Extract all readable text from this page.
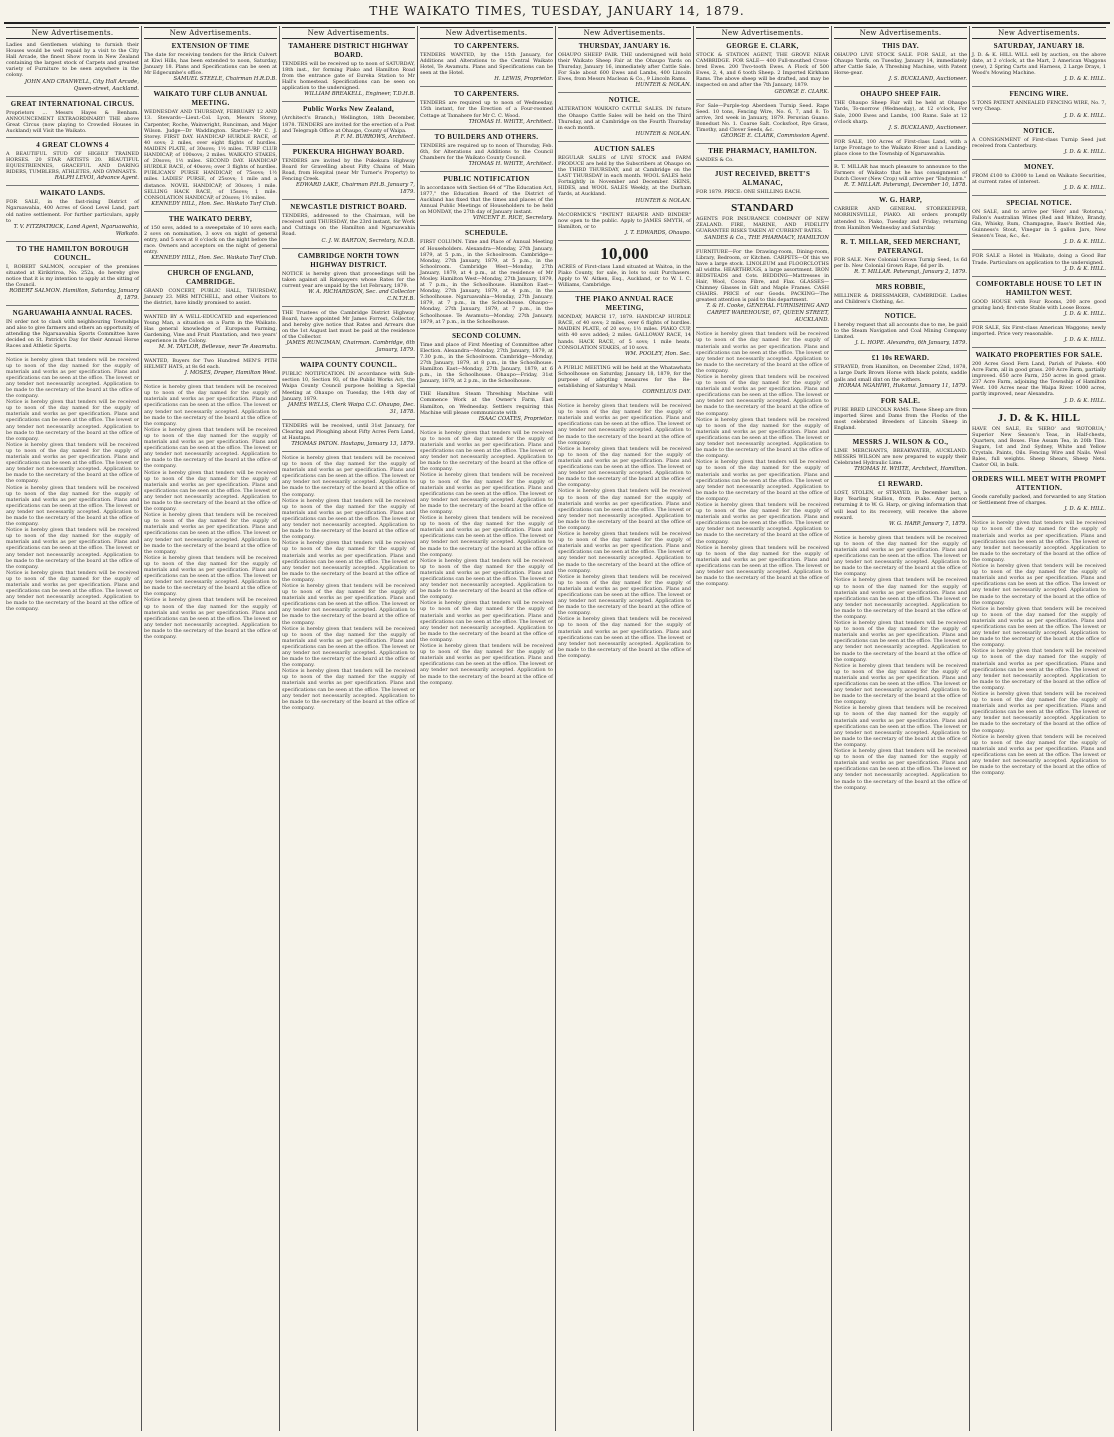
THE WAIKATO TIMES, TUESDAY, JANUARY 14, 1879.
New Advertisements.
Ladies and Gentlemen wishing to furnish their Houses would be well repaid by a visit to the City Hall Arcade, the finest Show room in New Zealand containing the largest stock of Carpets and greatest variety of Furniture to be seen anywhere in the colony.
JOHN AND CRANWELL, City Hall Arcade, Queen-street, Auckland.
GREAT INTERNATIONAL CIRCUS.
Proprietors ... Messrs Hayes & Benham. ANNOUNCEMENT EXTRAORDINARY! THE above Great Circus (now playing to Crowded Houses in Auckland) will Visit the Waikato.
4 GREAT CLOWNS 4
A BEAUTIFUL STUD OF HIGHLY TRAINED HORSES. 20 STAR ARTISTS 20. BEAUTIFUL EQUESTRIENNES, GRACEFUL AND DARING RIDERS, TUMBLERS, ATHLETES, AND GYMNASTS.
RALPH LEVOI, Advance Agent.
WAIKATO LANDS.
FOR SALE, in the fast-rising District of Ngaruawahia, 400 Acres of Good Level Land, part old native settlement. For further particulars, apply to
T. V. FITZPATRICK, Land Agent, Ngaruawahia, Waikato.
TO THE HAMILTON BOROUGH COUNCIL.
I, ROBERT SALMON, occupier of the premises situated at Kirikiriroa, No. 252a, do hereby give notice that it is my intention to apply at the sitting of the Council.
ROBERT SALMON. Hamilton, Saturday, January 8, 1879.
NGARUAWAHIA ANNUAL RACES.
IN order not to clash with neighbouring Townships and also to give farmers and others an opportunity of attending the Ngaruawahia Sports Committee have decided on St. Patrick's Day for their Annual Horse Races and Athletic Sports.
Notice is hereby given that tenders will be received up to noon of the day named for the supply of materials and works as per specification. Plans and specifications can be seen at the office. The lowest or any tender not necessarily accepted. Application to be made to the secretary of the board at the office of the company.
Notice is hereby given that tenders will be received up to noon of the day named for the supply of materials and works as per specification. Plans and specifications can be seen at the office. The lowest or any tender not necessarily accepted. Application to be made to the secretary of the board at the office of the company.
Notice is hereby given that tenders will be received up to noon of the day named for the supply of materials and works as per specification. Plans and specifications can be seen at the office. The lowest or any tender not necessarily accepted. Application to be made to the secretary of the board at the office of the company.
Notice is hereby given that tenders will be received up to noon of the day named for the supply of materials and works as per specification. Plans and specifications can be seen at the office. The lowest or any tender not necessarily accepted. Application to be made to the secretary of the board at the office of the company.
Notice is hereby given that tenders will be received up to noon of the day named for the supply of materials and works as per specification. Plans and specifications can be seen at the office. The lowest or any tender not necessarily accepted. Application to be made to the secretary of the board at the office of the company.
Notice is hereby given that tenders will be received up to noon of the day named for the supply of materials and works as per specification. Plans and specifications can be seen at the office. The lowest or any tender not necessarily accepted. Application to be made to the secretary of the board at the office of the company.
New Advertisements.
EXTENSION OF TIME
The date for receiving tenders for the Brick Culvert at Kiwi Hills, has been extended to noon, Saturday, January 18. Plans and Specifications can be seen at Mr Edgecumbe's office.
SAMUEL STEELE, Chairman H.R.D.B.
WAIKATO TURF CLUB ANNUAL MEETING.
WEDNESDAY AND THURSDAY, FEBRUARY 12 AND 13. Stewards—Lieut.-Col. Lyon, Messrs Storey, Carpenter, Roche, Wainwright, Runciman, and Major Wilson. Judge—Dr Waddington. Starter—Mr C. J. Storey. FIRST DAY. HANDICAP HURDLE RACE, of 40 sovs; 2 miles, over eight flights of hurdles. MAIDEN PLATE, of 30sovs; 1½ miles. TURF CLUB HANDICAP, of 100sovs; 2 miles. WAIKATO STAKES, of 20sovs; 1½ miles. SECOND DAY. HANDICAP HURDLE RACE, of 40sovs; over 3 flights of hurdles. PUBLICANS' PURSE HANDICAP, of 75sovs; 1½ miles. LADIES' PURSE, of 25sovs; 1 mile and a distance. NOVEL HANDICAP, of 30sovs; 1 mile. SELLING HACK RACE, of 15sovs; 1 mile. CONSOLATION HANDICAP, of 20sovs; 1½ miles.
KENNEDY HILL, Hon. Sec. Waikato Turf Club.
THE WAIKATO DERBY,
of 150 sovs, added to a sweepstake of 10 sovs each; 2 sovs on nomination, 3 sovs on night of general entry, and 5 sovs at 8 o'clock on the night before the race. Owners and acceptors on the night of general entry.
KENNEDY HILL, Hon. Sec. Waikato Turf Club.
CHURCH OF ENGLAND, CAMBRIDGE.
GRAND CONCERT, PUBLIC HALL, THURSDAY, January 23. MRS MITCHELL, and other Visitors to the district, have kindly promised to assist.
WANTED BY A WELL-EDUCATED and experienced Young Man, a situation on a Farm in the Waikato. Has general knowledge of European Farming, Gardening, Vine and Fruit Plantation, and two years' experience in the Colony.
M. M. TAYLOR, Bellevue, near Te Awamutu.
WANTED, Buyers for Two Hundred MEN'S PITH HELMET HATS, at 8s 6d each.
J. MOSES, Draper, Hamilton West.
Notice is hereby given that tenders will be received up to noon of the day named for the supply of materials and works as per specification. Plans and specifications can be seen at the office. The lowest or any tender not necessarily accepted. Application to be made to the secretary of the board at the office of the company.
Notice is hereby given that tenders will be received up to noon of the day named for the supply of materials and works as per specification. Plans and specifications can be seen at the office. The lowest or any tender not necessarily accepted. Application to be made to the secretary of the board at the office of the company.
Notice is hereby given that tenders will be received up to noon of the day named for the supply of materials and works as per specification. Plans and specifications can be seen at the office. The lowest or any tender not necessarily accepted. Application to be made to the secretary of the board at the office of the company.
Notice is hereby given that tenders will be received up to noon of the day named for the supply of materials and works as per specification. Plans and specifications can be seen at the office. The lowest or any tender not necessarily accepted. Application to be made to the secretary of the board at the office of the company.
Notice is hereby given that tenders will be received up to noon of the day named for the supply of materials and works as per specification. Plans and specifications can be seen at the office. The lowest or any tender not necessarily accepted. Application to be made to the secretary of the board at the office of the company.
Notice is hereby given that tenders will be received up to noon of the day named for the supply of materials and works as per specification. Plans and specifications can be seen at the office. The lowest or any tender not necessarily accepted. Application to be made to the secretary of the board at the office of the company.
New Advertisements.
TAMAHERE DISTRICT HIGHWAY BOARD.
TENDERS will be received up to noon of SATURDAY, 18th inst., for forming Piako and Hamilton Road from the entrance gate of Eureka Station to Mr Hall's homestead. Specifications can be seen on application to the undersigned.
WILLIAM BREAKELL, Engineer, T.D.H.B.
Public Works New Zealand,
(Architect's Branch,) Wellington, 18th December, 1878. TENDERS are invited for the erection of a Post and Telegraph Office at Ohaupo, County of Waipa.
P. F. M. BURROWS, Architect.
PUKEKURA HIGHWAY BOARD.
TENDERS are invited by the Pukekura Highway Board for Gravelling about Fifty Chains of Main Road, from Hospital (near Mr Turner's Property) to Fencing Creek.
EDWARD LAKE, Chairman P.H.B. January 7, 1879.
NEWCASTLE DISTRICT BOARD.
TENDERS, addressed to the Chairman, will be received until THURSDAY, the 23rd instant, for Work and Cuttings on the Hamilton and Ngaruawahia Road.
C. J. W. BARTON, Secretary, N.D.B.
CAMBRIDGE NORTH TOWN HIGHWAY DISTRICT.
NOTICE is hereby given that proceedings will be taken against all Ratepayers whose Rates for the current year are unpaid by the 1st February, 1879.
W. A. RICHARDSON, Sec. and Collector C.N.T.H.B.
THE Trustees of the Cambridge District Highway Board, have appointed Mr James Forrest, Collector, and hereby give notice that Rates and Arrears due on the 1st August last must be paid at the residence of the Collector.
JAMES RUNCIMAN, Chairman. Cambridge, 6th January, 1879.
WAIPA COUNTY COUNCIL.
PUBLIC NOTIFICATION. IN accordance with Sub-section 10, Section 93, of the Public Works Act, the Waipa County Council purpose holding a Special Meeting at Ohaupo on Tuesday, the 14th day of January, 1879.
JAMES WELLS, Clerk Waipa C.C. Ohaupo, Dec. 31, 1878.
TENDERS will be received, until 31st January, for Clearing and Ploughing about Fifty Acres Fern Land, at Hautapu.
THOMAS PATON. Hautapu, January 13, 1879.
Notice is hereby given that tenders will be received up to noon of the day named for the supply of materials and works as per specification. Plans and specifications can be seen at the office. The lowest or any tender not necessarily accepted. Application to be made to the secretary of the board at the office of the company.
Notice is hereby given that tenders will be received up to noon of the day named for the supply of materials and works as per specification. Plans and specifications can be seen at the office. The lowest or any tender not necessarily accepted. Application to be made to the secretary of the board at the office of the company.
Notice is hereby given that tenders will be received up to noon of the day named for the supply of materials and works as per specification. Plans and specifications can be seen at the office. The lowest or any tender not necessarily accepted. Application to be made to the secretary of the board at the office of the company.
Notice is hereby given that tenders will be received up to noon of the day named for the supply of materials and works as per specification. Plans and specifications can be seen at the office. The lowest or any tender not necessarily accepted. Application to be made to the secretary of the board at the office of the company.
Notice is hereby given that tenders will be received up to noon of the day named for the supply of materials and works as per specification. Plans and specifications can be seen at the office. The lowest or any tender not necessarily accepted. Application to be made to the secretary of the board at the office of the company.
Notice is hereby given that tenders will be received up to noon of the day named for the supply of materials and works as per specification. Plans and specifications can be seen at the office. The lowest or any tender not necessarily accepted. Application to be made to the secretary of the board at the office of the company.
New Advertisements.
TO CARPENTERS.
TENDERS WANTED, by the 15th January, for Additions and Alterations to the Central Waikato Hotel, Te Awamutu. Plans and Specifications can be seen at the Hotel.
H. LEWIS, Proprietor.
TO CARPENTERS.
TENDERS are required up to noon of Wednesday, 15th instant, for the Erection of a Four-roomed Cottage at Tamahere for Mr C. C. Wood.
THOMAS H. WHITE, Architect.
TO BUILDERS AND OTHERS.
TENDERS are required up to noon of Thursday, Feb. 6th, for Alterations and Additions to the Council Chambers for the Waikato County Council.
THOMAS H. WHITE, Architect.
PUBLIC NOTIFICATION
In accordance with Section 64 of "The Education Act, 1877," the Education Board of the District of Auckland has fixed that the times and places of the Annual Public Meetings of Householders to be held on MONDAY, the 27th day of January instant.
VINCENT E. RICE, Secretary.
SCHEDULE.
FIRST COLUMN. Time and Place of Annual Meeting of Householders. Alexandra—Monday, 27th January, 1879, at 5 p.m., in the Schoolroom. Cambridge—Monday, 27th January, 1879, at 5 p.m., in the Schoolroom. Cambridge West—Monday, 27th January, 1879, at 4 p.m., at the residence of Mr Mosley. Hamilton West—Monday, 27th January, 1879, at 7 p.m., in the Schoolhouse. Hamilton East—Monday, 27th January, 1879, at 4 p.m., in the Schoolhouse. Ngaruawahia—Monday, 27th January, 1879, at 7 p.m., in the Schoolhouse. Ohaupo—Monday, 27th January, 1879, at 7 p.m., in the Schoolhouse. Te Awamutu—Monday, 27th January, 1879, at 7 p.m., in the Schoolhouse.
SECOND COLUMN.
Time and place of First Meeting of Committee after Election. Alexandra—Monday, 27th January, 1879, at 7.30 p.m., in the Schoolroom. Cambridge—Monday, 27th January, 1879, at 8 p.m., in the Schoolhouse. Hamilton East—Monday, 27th January, 1879, at 6 p.m., in the Schoolhouse. Ohaupo—Friday, 31st January, 1879, at 2 p.m., in the Schoolhouse.
THE Hamilton Steam Threshing Machine will Commence Work at the Owner's Farm, East Hamilton, on Wednesday. Settlers requiring this Machine will please communicate with
ISAAC COATES, Proprietor.
Notice is hereby given that tenders will be received up to noon of the day named for the supply of materials and works as per specification. Plans and specifications can be seen at the office. The lowest or any tender not necessarily accepted. Application to be made to the secretary of the board at the office of the company.
Notice is hereby given that tenders will be received up to noon of the day named for the supply of materials and works as per specification. Plans and specifications can be seen at the office. The lowest or any tender not necessarily accepted. Application to be made to the secretary of the board at the office of the company.
Notice is hereby given that tenders will be received up to noon of the day named for the supply of materials and works as per specification. Plans and specifications can be seen at the office. The lowest or any tender not necessarily accepted. Application to be made to the secretary of the board at the office of the company.
Notice is hereby given that tenders will be received up to noon of the day named for the supply of materials and works as per specification. Plans and specifications can be seen at the office. The lowest or any tender not necessarily accepted. Application to be made to the secretary of the board at the office of the company.
Notice is hereby given that tenders will be received up to noon of the day named for the supply of materials and works as per specification. Plans and specifications can be seen at the office. The lowest or any tender not necessarily accepted. Application to be made to the secretary of the board at the office of the company.
Notice is hereby given that tenders will be received up to noon of the day named for the supply of materials and works as per specification. Plans and specifications can be seen at the office. The lowest or any tender not necessarily accepted. Application to be made to the secretary of the board at the office of the company.
New Advertisements.
THURSDAY, JANUARY 16.
OHAUPO SHEEP FAIR. THE undersigned will hold their Waikato Sheep Fair at the Ohaupo Yards on Thursday, January 16, immediately after Cattle Sale. For Sale about 600 Ewes and Lambs, 400 Lincoln Ewes, from Messrs Maclean & Co., 9 Lincoln Rams.
HUNTER & NOLAN.
NOTICE.
ALTERATION WAIKATO CATTLE SALES. IN future the Ohaupo Cattle Sales will be held on the Third Thursday, and at Cambridge on the Fourth Thursday in each month.
HUNTER & NOLAN.
AUCTION SALES
REGULAR SALES of LIVE STOCK and FARM PRODUCE are held by the Subscribers at Ohaupo on the THIRD THURSDAY, and at Cambridge on the LAST THURSDAY in each month. WOOL SALES held Fortnightly in November and December. SKINS, HIDES, and WOOL SALES Weekly, at the Durham Yards, at Auckland.
HUNTER & NOLAN.
McCORMICK'S "PATENT REAPER AND BINDER" now open to the public. Apply to JAMES SMYTH, of Hamilton, or to
J. T. EDWARDS, Ohaupo.
10,000
ACRES of First-class Land situated at Waitoa, in the Piako County, for sale, in lots to suit Purchasers. Apply to W. Aitken, Esq., Auckland, or to W. I. C. Williams, Cambridge.
THE PIAKO ANNUAL RACE MEETING,
MONDAY, MARCH 17, 1879. HANDICAP HURDLE RACE, of 40 sovs; 2 miles, over 6 flights of hurdles. MAIDEN PLATE, of 20 sovs; 1½ miles. PIAKO CUP, with 40 sovs added; 2 miles. GALLOWAY RACE, 14 hands. HACK RACE, of 5 sovs; 1 mile heats. CONSOLATION STAKES, of 10 sovs.
WM. POOLEY, Hon. Sec.
A PUBLIC MEETING will be held at the Whatawhata Schoolhouse on Saturday, January 18, 1879, for the purpose of adopting measures for the Re-establishing of Saturday's Mail.
CORNELIUS DAY.
Notice is hereby given that tenders will be received up to noon of the day named for the supply of materials and works as per specification. Plans and specifications can be seen at the office. The lowest or any tender not necessarily accepted. Application to be made to the secretary of the board at the office of the company.
Notice is hereby given that tenders will be received up to noon of the day named for the supply of materials and works as per specification. Plans and specifications can be seen at the office. The lowest or any tender not necessarily accepted. Application to be made to the secretary of the board at the office of the company.
Notice is hereby given that tenders will be received up to noon of the day named for the supply of materials and works as per specification. Plans and specifications can be seen at the office. The lowest or any tender not necessarily accepted. Application to be made to the secretary of the board at the office of the company.
Notice is hereby given that tenders will be received up to noon of the day named for the supply of materials and works as per specification. Plans and specifications can be seen at the office. The lowest or any tender not necessarily accepted. Application to be made to the secretary of the board at the office of the company.
Notice is hereby given that tenders will be received up to noon of the day named for the supply of materials and works as per specification. Plans and specifications can be seen at the office. The lowest or any tender not necessarily accepted. Application to be made to the secretary of the board at the office of the company.
Notice is hereby given that tenders will be received up to noon of the day named for the supply of materials and works as per specification. Plans and specifications can be seen at the office. The lowest or any tender not necessarily accepted. Application to be made to the secretary of the board at the office of the company.
New Advertisements.
GEORGE E. CLARK,
STOCK & STATION AGENT, THE GROVE NEAR CAMBRIDGE. FOR SALE— 400 Full-mouthed Cross-bred Ewes. 200 Two-tooth Ewes. A Flock of 500 Ewes, 2, 4, and 6 tooth Sheep. 2 Imported Kirkham Rams. The above sheep will be drafted, and may be inspected on and after the 7th January, 1879.
GEORGE E. CLARK.
For Sale—Purple-top Aberdeen Turnip Seed. Rape Seed. 10 tons, Fencing Wire, No. 6, 7, and 8. To arrive, 3rd week in January, 1879. Peruvian Guano. Bonedust No. 1. Coarse Salt. Cocksfoot, Rye Grass, Timothy, and Clover Seeds, &c.
GEORGE E. CLARK, Commission Agent.
THE PHARMACY, HAMILTON.
SANDES & Co.
JUST RECEIVED, BRETT'S ALMANAC,
FOR 1879. PRICE: ONE SHILLING EACH.
STANDARD
AGENTS FOR INSURANCE COMPANY OF NEW ZEALAND. FIRE, MARINE, AND FIDELITY GUARANTEE RISKS TAKEN AT CURRENT RATES.
SANDES & Co., THE PHARMACY, HAMILTON
FURNITURE—For the Drawing-room, Dining-room, Library, Bedroom, or Kitchen. CARPETS—Of this we have a large stock. LINOLEUM and FLOORCLOTHS all widths. HEARTHRUGS, a large assortment. IRON BEDSTEADS and Cots. BEDDING—Mattresses in Hair, Wool, Cocoa Fibre, and Flax. GLASSES—Chimney Glasses in Gilt and Maple Frames. CASH CHAIRS. PRICE of our Goods. PACKING—The greatest attention is paid to this department.
T. & H. Cooke, GENERAL FURNISHING AND CARPET WAREHOUSE, 67, QUEEN STREET, AUCKLAND.
Notice is hereby given that tenders will be received up to noon of the day named for the supply of materials and works as per specification. Plans and specifications can be seen at the office. The lowest or any tender not necessarily accepted. Application to be made to the secretary of the board at the office of the company.
Notice is hereby given that tenders will be received up to noon of the day named for the supply of materials and works as per specification. Plans and specifications can be seen at the office. The lowest or any tender not necessarily accepted. Application to be made to the secretary of the board at the office of the company.
Notice is hereby given that tenders will be received up to noon of the day named for the supply of materials and works as per specification. Plans and specifications can be seen at the office. The lowest or any tender not necessarily accepted. Application to be made to the secretary of the board at the office of the company.
Notice is hereby given that tenders will be received up to noon of the day named for the supply of materials and works as per specification. Plans and specifications can be seen at the office. The lowest or any tender not necessarily accepted. Application to be made to the secretary of the board at the office of the company.
Notice is hereby given that tenders will be received up to noon of the day named for the supply of materials and works as per specification. Plans and specifications can be seen at the office. The lowest or any tender not necessarily accepted. Application to be made to the secretary of the board at the office of the company.
Notice is hereby given that tenders will be received up to noon of the day named for the supply of materials and works as per specification. Plans and specifications can be seen at the office. The lowest or any tender not necessarily accepted. Application to be made to the secretary of the board at the office of the company.
New Advertisements.
THIS DAY.
OHAUPO LIVE STOCK SALE. FOR SALE, at the Ohaupo Yards, on Tuesday, January 14, immediately after Cattle Sale, A Threshing Machine, with Patent Horse-gear.
J. S. BUCKLAND, Auctioneer.
OHAUPO SHEEP FAIR.
THE Ohaupo Sheep Fair will be held at Ohaupo Yards, To-morrow (Wednesday), at 12 o'clock, For Sale, 2000 Ewes and Lambs, 100 Rams. Sale at 12 o'clock sharp.
J. S. BUCKLAND, Auctioneer.
FOR SALE, 100 Acres of First-class Land, with a large Frontage to the Waikato River and a Landing-place close to the Township of Ngaruawahia.
R. T. MILLAR has much pleasure to announce to the Farmers of Waikato that he has consignment of Dutch Clover (New Crop) will arrive per "Endymion."
R. T. MILLAR. Paterangi, December 10, 1878.
W. G. HARP,
CARRIER AND GENERAL STOREKEEPER, MORRINSVILLE, PIAKO. All orders promptly attended to. Piako, Tuesday and Friday; returning from Hamilton Wednesday and Saturday.
R. T. MILLAR, SEED MERCHANT, PATERANGI.
FOR SALE. New Colonial Grown Turnip Seed, 1s 6d per lb. New Colonial Grown Rape, 6d per lb.
R. T. MILLAR. Paterangi, January 2, 1879.
MRS ROBBIE,
MILLINER & DRESSMAKER, CAMBRIDGE. Ladies and Children's Clothing, &c.
NOTICE.
I hereby request that all accounts due to me, be paid to the Steam Navigation and Coal Mining Company Limited.
J. L. HOPE. Alexandra, 6th January, 1879.
£1 10s REWARD.
STRAYED, from Hamilton, on December 22nd, 1878, a large Dark Brown Horse with black points, saddle galls and small dint on the withers.
HORAIA NGAHIWI, Hukanui. January 11, 1879.
FOR SALE.
PURE BRED LINCOLN RAMS. These Sheep are from imported Sires and Dams from the Flocks of the most celebrated Breeders of Lincoln Sheep in England.
MESSRS J. WILSON & CO.,
LIME MERCHANTS, BREAKWATER, AUCKLAND. MESSRS WILSON are now prepared to supply their Celebrated Hydraulic Lime.
THOMAS H. WHITE, Architect, Hamilton.
£1 REWARD.
LOST, STOLEN, or STRAYED, in December last, a Bay Yearling Stallion, from Piako. Any person returning it to W. G. Harp, or giving information that will lead to its recovery, will receive the above reward.
W. G. HARP. January 7, 1879.
Notice is hereby given that tenders will be received up to noon of the day named for the supply of materials and works as per specification. Plans and specifications can be seen at the office. The lowest or any tender not necessarily accepted. Application to be made to the secretary of the board at the office of the company.
Notice is hereby given that tenders will be received up to noon of the day named for the supply of materials and works as per specification. Plans and specifications can be seen at the office. The lowest or any tender not necessarily accepted. Application to be made to the secretary of the board at the office of the company.
Notice is hereby given that tenders will be received up to noon of the day named for the supply of materials and works as per specification. Plans and specifications can be seen at the office. The lowest or any tender not necessarily accepted. Application to be made to the secretary of the board at the office of the company.
Notice is hereby given that tenders will be received up to noon of the day named for the supply of materials and works as per specification. Plans and specifications can be seen at the office. The lowest or any tender not necessarily accepted. Application to be made to the secretary of the board at the office of the company.
Notice is hereby given that tenders will be received up to noon of the day named for the supply of materials and works as per specification. Plans and specifications can be seen at the office. The lowest or any tender not necessarily accepted. Application to be made to the secretary of the board at the office of the company.
Notice is hereby given that tenders will be received up to noon of the day named for the supply of materials and works as per specification. Plans and specifications can be seen at the office. The lowest or any tender not necessarily accepted. Application to be made to the secretary of the board at the office of the company.
New Advertisements.
SATURDAY, JANUARY 18.
J. D. & K. HILL WILL sell by auction, on the above date, at 2 o'clock, at the Mart, 2 American Waggons (new), 2 Spring Carts and Harness, 2 Large Drays, 1 Wood's Mowing Machine.
J. D. & K. HILL.
FENCING WIRE.
5 TONS PATENT ANNEALED FENCING WIRE, No. 7, very Cheap.
J. D. & K. HILL.
NOTICE.
A CONSIGNMENT of First-class Turnip Seed just received from Canterbury.
J. D. & K. HILL.
MONEY.
FROM £100 to £3000 to Lend on Waikato Securities, at current rates of interest.
J. D. & K. HILL.
SPECIAL NOTICE.
ON SALE, and to arrive per 'Hero' and 'Rotorua,' Fallon's Australian Wines (Red and White), Brandy, Gin, Whisky, Rum, Champagne, Bass's Bottled Ale, Guinness's Stout, Vinegar in 5 gallon Jars, New Season's Teas, &c., &c.
J. D. & K. HILL.
FOR SALE a Hotel in Waikato, doing a Good Bar Trade. Particulars on application to the undersigned.
J. D. & K. HILL.
COMFORTABLE HOUSE TO LET IN HAMILTON WEST.
GOOD HOUSE with Four Rooms, 200 acre good grazing land; first-rate Stable with Loose Boxes.
J. D. & K. HILL.
FOR SALE, Six First-class American Waggons; newly imported. Price very reasonable.
J. D. & K. HILL.
WAIKATO PROPERTIES FOR SALE.
200 Acres Good Fern Land, Parish of Pukete. 400 Acre Farm, all in good grass. 200 Acre Farm, partially improved. 650 acre Farm, 250 acres in good grass. 237 Acre Farm, adjoining the Township of Hamilton West. 100 Acres near the Waipa River. 1000 acres, partly improved, near Alexandra.
J. D. & K. HILL.
J. D. & K. HILL
HAVE ON SALE, Ex 'HERO' and 'ROTORUA,' Superior New Season's Teas, in Half-chests, Quarters, and Boxes. Fine Assam Tea, in 20lb Tins. Sugars, 1st and 2nd Sydney, White and Yellow Crystals. Paints, Oils. Fencing Wire and Nails. Wool Bales, full weights. Sheep Shears, Sheep Nets. Castor Oil, in bulk.
ORDERS WILL MEET WITH PROMPT ATTENTION.
Goods carefully packed, and forwarded to any Station or Settlement free of charges.
J. D. & K. HILL.
Notice is hereby given that tenders will be received up to noon of the day named for the supply of materials and works as per specification. Plans and specifications can be seen at the office. The lowest or any tender not necessarily accepted. Application to be made to the secretary of the board at the office of the company.
Notice is hereby given that tenders will be received up to noon of the day named for the supply of materials and works as per specification. Plans and specifications can be seen at the office. The lowest or any tender not necessarily accepted. Application to be made to the secretary of the board at the office of the company.
Notice is hereby given that tenders will be received up to noon of the day named for the supply of materials and works as per specification. Plans and specifications can be seen at the office. The lowest or any tender not necessarily accepted. Application to be made to the secretary of the board at the office of the company.
Notice is hereby given that tenders will be received up to noon of the day named for the supply of materials and works as per specification. Plans and specifications can be seen at the office. The lowest or any tender not necessarily accepted. Application to be made to the secretary of the board at the office of the company.
Notice is hereby given that tenders will be received up to noon of the day named for the supply of materials and works as per specification. Plans and specifications can be seen at the office. The lowest or any tender not necessarily accepted. Application to be made to the secretary of the board at the office of the company.
Notice is hereby given that tenders will be received up to noon of the day named for the supply of materials and works as per specification. Plans and specifications can be seen at the office. The lowest or any tender not necessarily accepted. Application to be made to the secretary of the board at the office of the company.
